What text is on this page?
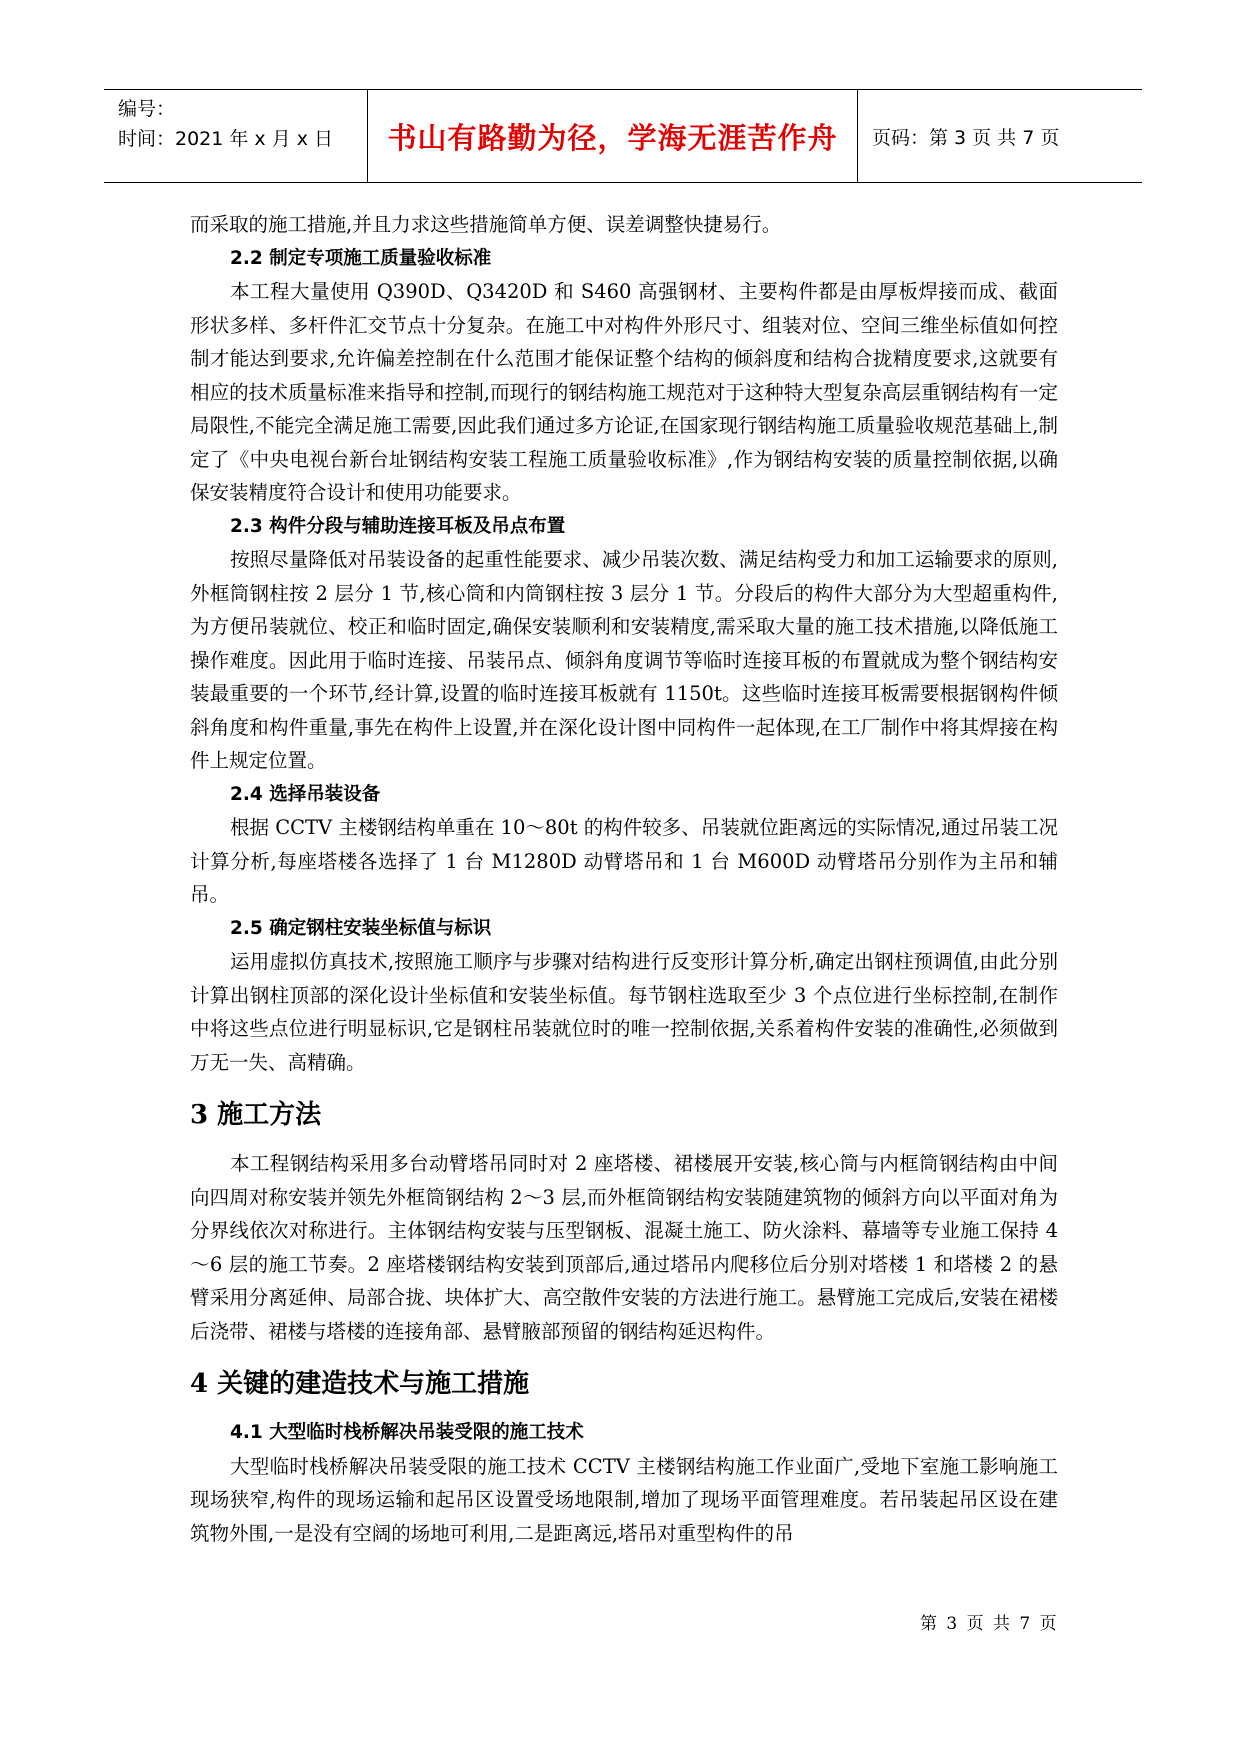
编号：
时间：2021 年 x 月 x 日	书山有路勤为径，学海无涯苦作舟	页码：第 3 页 共 7 页

而采取的施工措施,并且力求这些措施简单方便、误差调整快捷易行。

2.2 制定专项施工质量验收标准

本工程大量使用 Q390D、Q3420D 和 S460 高强钢材、主要构件都是由厚板焊接而成、截面形状多样、多杆件汇交节点十分复杂。在施工中对构件外形尺寸、组装对位、空间三维坐标值如何控制才能达到要求,允许偏差控制在什么范围才能保证整个结构的倾斜度和结构合拢精度要求,这就要有相应的技术质量标准来指导和控制,而现行的钢结构施工规范对于这种特大型复杂高层重钢结构有一定局限性,不能完全满足施工需要,因此我们通过多方论证,在国家现行钢结构施工质量验收规范基础上,制定了《中央电视台新台址钢结构安装工程施工质量验收标准》,作为钢结构安装的质量控制依据,以确保安装精度符合设计和使用功能要求。

2.3 构件分段与辅助连接耳板及吊点布置

按照尽量降低对吊装设备的起重性能要求、减少吊装次数、满足结构受力和加工运输要求的原则,外框筒钢柱按 2 层分 1 节,核心筒和内筒钢柱按 3 层分 1 节。分段后的构件大部分为大型超重构件,为方便吊装就位、校正和临时固定,确保安装顺利和安装精度,需采取大量的施工技术措施,以降低施工操作难度。因此用于临时连接、吊装吊点、倾斜角度调节等临时连接耳板的布置就成为整个钢结构安装最重要的一个环节,经计算,设置的临时连接耳板就有 1150t。这些临时连接耳板需要根据钢构件倾斜角度和构件重量,事先在构件上设置,并在深化设计图中同构件一起体现,在工厂制作中将其焊接在构件上规定位置。

2.4 选择吊装设备

根据 CCTV 主楼钢结构单重在 10～80t 的构件较多、吊装就位距离远的实际情况,通过吊装工况计算分析,每座塔楼各选择了 1 台 M1280D 动臂塔吊和 1 台 M600D 动臂塔吊分别作为主吊和辅吊。

2.5 确定钢柱安装坐标值与标识

运用虚拟仿真技术,按照施工顺序与步骤对结构进行反变形计算分析,确定出钢柱预调值,由此分别计算出钢柱顶部的深化设计坐标值和安装坐标值。每节钢柱选取至少 3 个点位进行坐标控制,在制作中将这些点位进行明显标识,它是钢柱吊装就位时的唯一控制依据,关系着构件安装的准确性,必须做到万无一失、高精确。

3 施工方法

本工程钢结构采用多台动臂塔吊同时对 2 座塔楼、裙楼展开安装,核心筒与内框筒钢结构由中间向四周对称安装并领先外框筒钢结构 2～3 层,而外框筒钢结构安装随建筑物的倾斜方向以平面对角为分界线依次对称进行。主体钢结构安装与压型钢板、混凝土施工、防火涂料、幕墙等专业施工保持 4～6 层的施工节奏。2 座塔楼钢结构安装到顶部后,通过塔吊内爬移位后分别对塔楼 1 和塔楼 2 的悬臂采用分离延伸、局部合拢、块体扩大、高空散件安装的方法进行施工。悬臂施工完成后,安装在裙楼后浇带、裙楼与塔楼的连接角部、悬臂腋部预留的钢结构延迟构件。

4 关键的建造技术与施工措施
4.1 大型临时栈桥解决吊装受限的施工技术

大型临时栈桥解决吊装受限的施工技术 CCTV 主楼钢结构施工作业面广,受地下室施工影响施工现场狭窄,构件的现场运输和起吊区设置受场地限制,增加了现场平面管理难度。若吊装起吊区设在建筑物外围,一是没有空阔的场地可利用,二是距离远,塔吊对重型构件的吊

第 3 页 共 7 页
